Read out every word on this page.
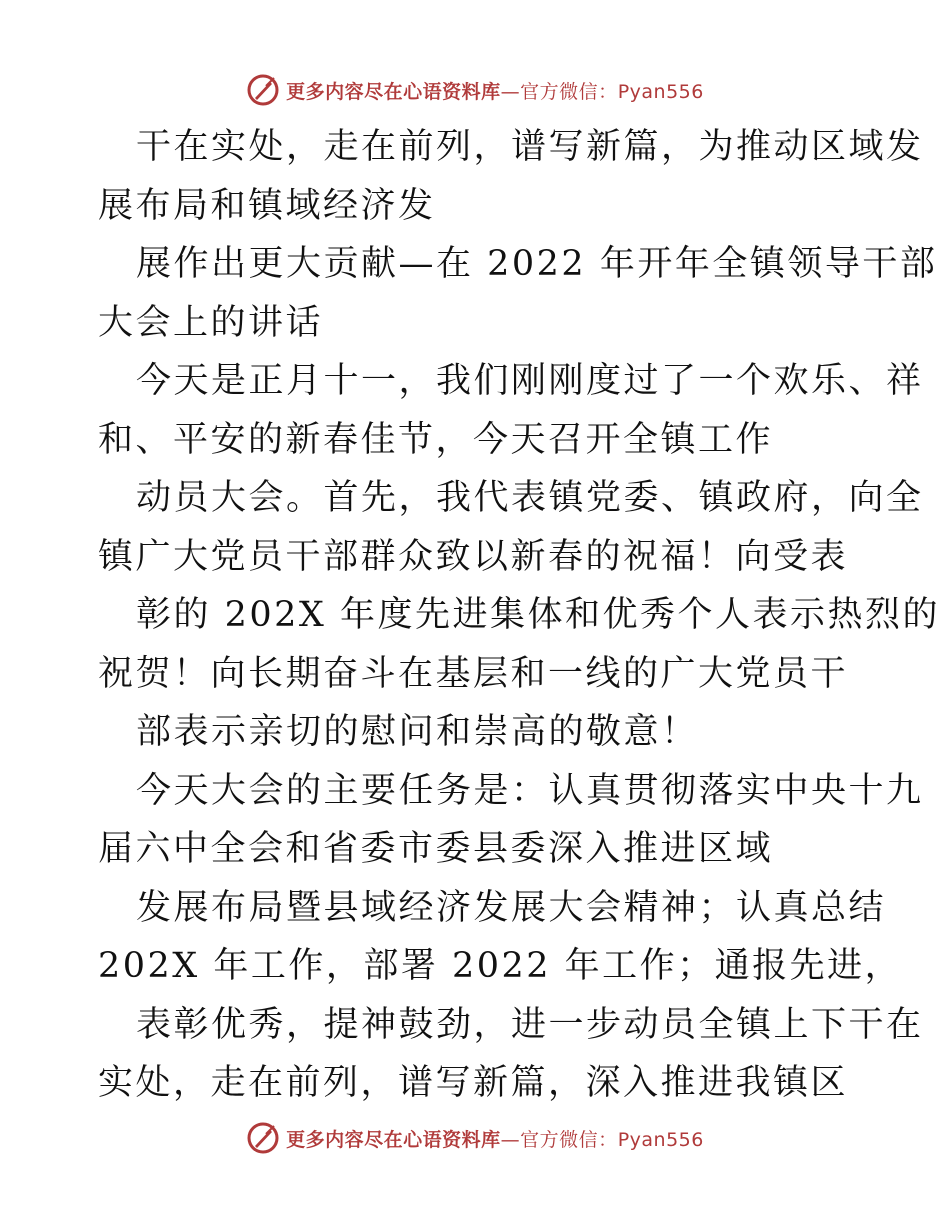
更多内容尽在心语资料库—官方微信：Pyan556

干在实处，走在前列，谱写新篇，为推动区域发

展布局和镇域经济发

展作出更大贡献—在 2022 年开年全镇领导干部

大会上的讲话

今天是正月十一，我们刚刚度过了一个欢乐、祥

和、平安的新春佳节，今天召开全镇工作

动员大会。首先，我代表镇党委、镇政府，向全

镇广大党员干部群众致以新春的祝福！向受表

彰的 202X 年度先进集体和优秀个人表示热烈的

祝贺！向长期奋斗在基层和一线的广大党员干

部表示亲切的慰问和崇高的敬意！

今天大会的主要任务是：认真贯彻落实中央十九

届六中全会和省委市委县委深入推进区域

发展布局暨县域经济发展大会精神；认真总结

202X 年工作，部署 2022 年工作；通报先进，

表彰优秀，提神鼓劲，进一步动员全镇上下干在

实处，走在前列，谱写新篇，深入推进我镇区

更多内容尽在心语资料库—官方微信：Pyan556
